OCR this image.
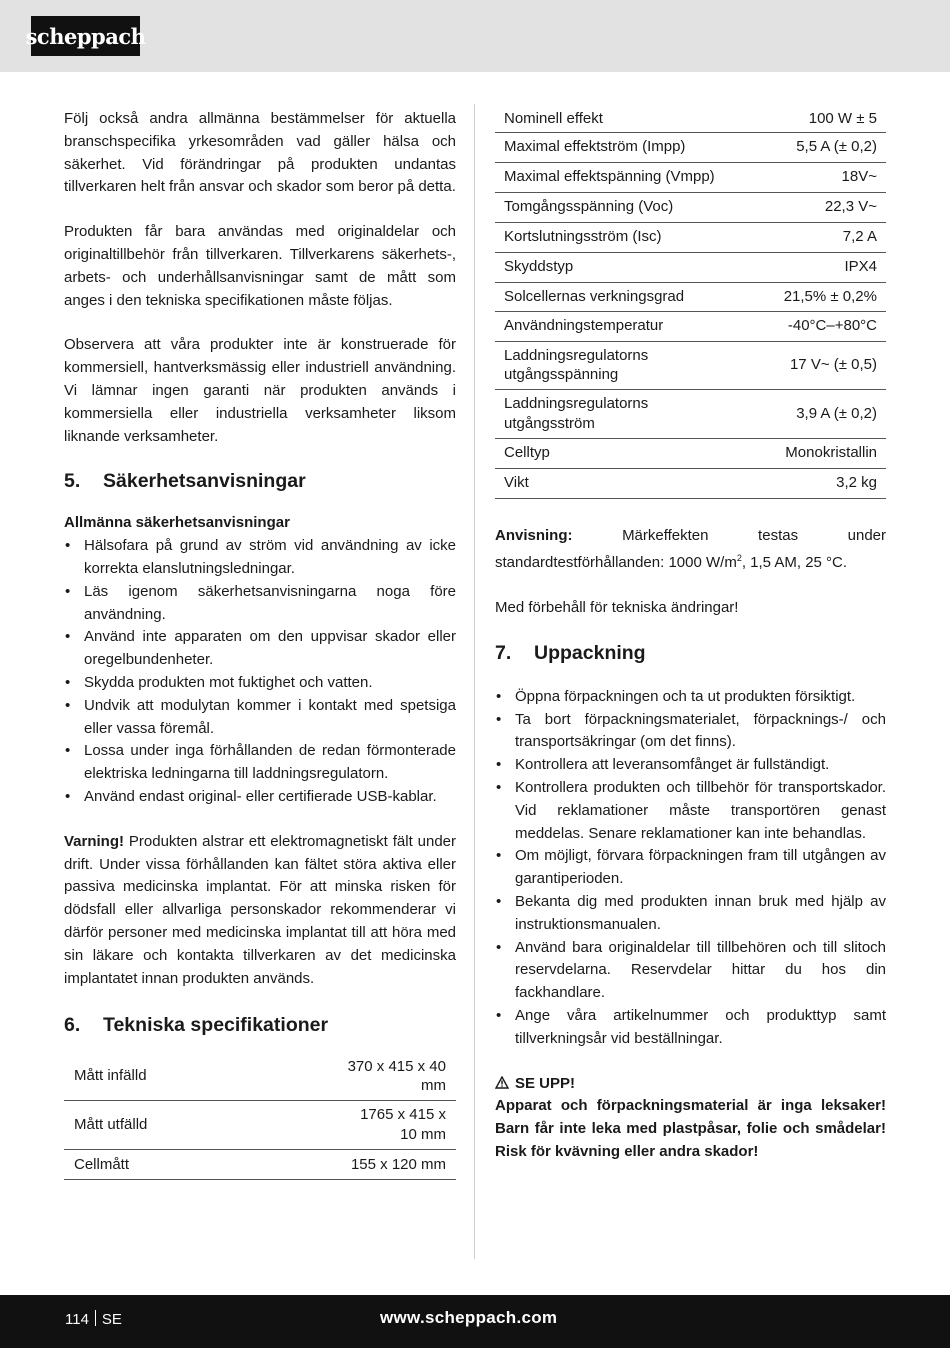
scheppach

Följ också andra allmänna bestämmelser för aktuella branschspecifika yrkesområden vad gäller hälsa och säkerhet. Vid förändringar på produkten undantas tillverkaren helt från ansvar och skador som beror på detta.

Produkten får bara användas med originaldelar och originaltillbehör från tillverkaren. Tillverkarens säkerhets-, arbets- och underhållsanvisningar samt de mått som anges i den tekniska specifikationen måste följas.

Observera att våra produkter inte är konstruerade för kommersiell, hantverksmässig eller industriell användning. Vi lämnar ingen garanti när produkten används i kommersiella eller industriella verksamheter liksom liknande verksamheter.

5.	Säkerhetsanvisningar
Allmänna säkerhetsanvisningar
• Hälsofara på grund av ström vid användning av icke korrekta elanslutningsledningar.
• Läs igenom säkerhetsanvisningarna noga före användning.
• Använd inte apparaten om den uppvisar skador eller oregelbundenheter.
• Skydda produkten mot fuktighet och vatten.
• Undvik att modulytan kommer i kontakt med spetsiga eller vassa föremål.
• Lossa under inga förhållanden de redan förmonterade elektriska ledningarna till laddningsregulatorn.
• Använd endast original- eller certifierade USB-kablar.

Varning! Produkten alstrar ett elektromagnetiskt fält under drift. Under vissa förhållanden kan fältet störa aktiva eller passiva medicinska implantat. För att minska risken för dödsfall eller allvarliga personskador rekommenderar vi därför personer med medicinska implantat till att höra med sin läkare och kontakta tillverkaren av det medicinska implantatet innan produkten används.

6.	Tekniska specifikationer
Mått infälld	370 x 415 x 40
mm

Mått utfälld	1765 x 415 x
10 mm

Cellmått	155 x 120 mm
Nominell effekt	100 W ± 5
Maximal effektström (Impp)	5,5 A (± 0,2)
Maximal effektspänning (Vmpp)	18V~
Tomgångsspänning (Voc)	22,3 V~
Kortslutningsström (Isc)	7,2 A
Skyddstyp	IPX4
Solcellernas verkningsgrad	21,5% ± 0,2%
Användningstemperatur	-40°C–+80°C

Laddningsregulatorns
utgångsspänning	17 V~ (± 0,5)

Laddningsregulatorns
utgångsström	3,9 A (± 0,2)
Celltyp	Monokristallin
Vikt	3,2 kg

Anvisning:	Märkeffekten testas under standardtestförhållanden: 1000 $W/m^2$, 1,5 AM, 25 °C.

Med förbehåll för tekniska ändringar!

7.	Uppackning
• Öppna förpackningen och ta ut produkten försiktigt.
• Ta bort förpackningsmaterialet, förpacknings-/ och transportsäkringar (om det finns).
• Kontrollera att leveransomfånget är fullständigt.
• Kontrollera produkten och tillbehör för transportskador. Vid reklamationer måste transportören genast meddelas. Senare reklamationer kan inte behandlas.
• Om möjligt, förvara förpackningen fram till utgången av garantiperioden.
• Bekanta dig med produkten innan bruk med hjälp av instruktionsmanualen.
• Använd bara originaldelar till tillbehören och till slitoch reservdelarna. Reservdelar hittar du hos din fackhandlare.
• Ange våra artikelnummer och produkttyp samt tillverkningsår vid beställningar.
SE UPP!

Apparat och förpackningsmaterial är inga leksaker! Barn får inte leka med plastpåsar, folie och smådelar! Risk för kvävning eller andra skador!

114 SE	www.scheppach.com
